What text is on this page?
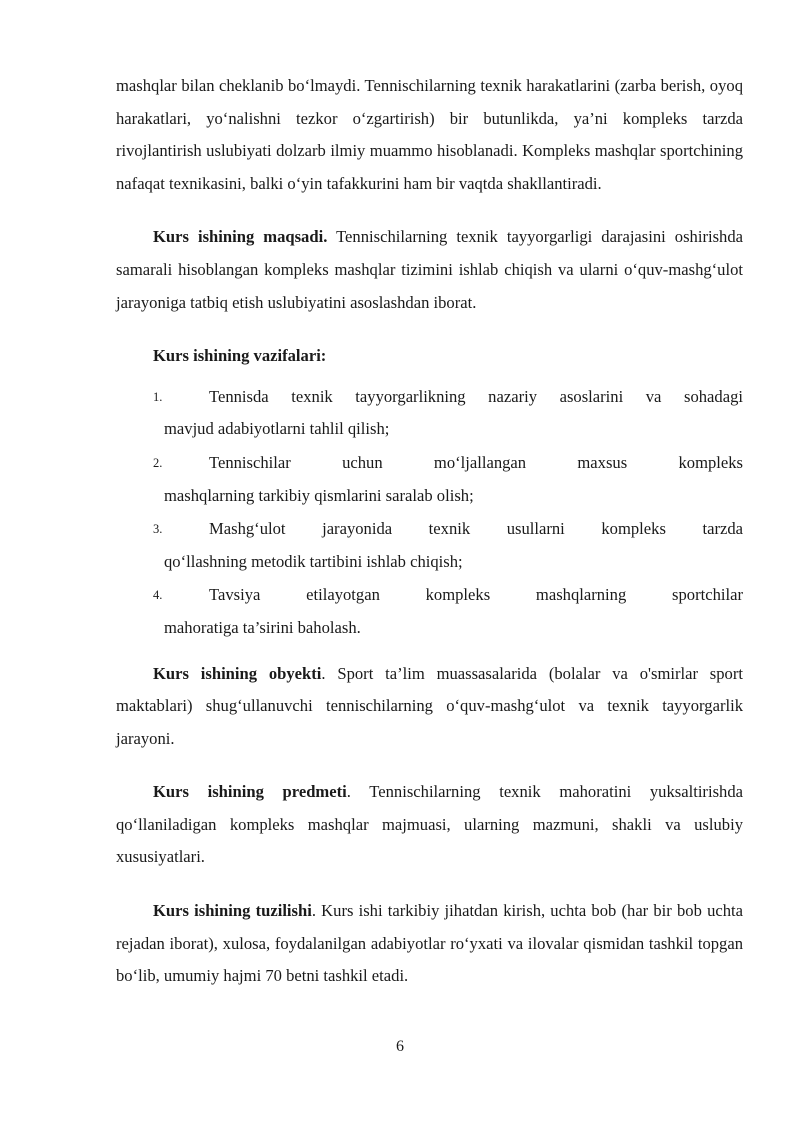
mashqlar bilan cheklanib bo‘lmaydi. Tennischilarning texnik harakatlarini (zarba berish, oyoq harakatlari, yo‘nalishni tezkor o‘zgartirish) bir butunlikda, ya’ni kompleks tarzda rivojlantirish uslubiyati dolzarb ilmiy muammo hisoblanadi. Kompleks mashqlar sportchining nafaqat texnikasini, balki o‘yin tafakkurini ham bir vaqtda shakllantiradi.

Kurs ishining maqsadi. Tennischilarning texnik tayyorgarligi darajasini oshirishda samarali hisoblangan kompleks mashqlar tizimini ishlab chiqish va ularni o‘quv-mashg‘ulot jarayoniga tatbiq etish uslubiyatini asoslashdan iborat.

Kurs ishining vazifalari:

1.	Tennisda texnik tayyorgarlikning nazariy asoslarini va sohadagi
mavjud adabiyotlarni tahlil qilish;
2.	Tennischilar uchun mo‘ljallangan maxsus kompleks
mashqlarning tarkibiy qismlarini saralab olish;
3.	Mashg‘ulot jarayonida texnik usullarni kompleks tarzda
qo‘llashning metodik tartibini ishlab chiqish;
4.	Tavsiya etilayotgan kompleks mashqlarning sportchilar
mahoratiga ta’sirini baholash.

Kurs ishining obyekti. Sport ta’lim muassasalarida (bolalar va o'smirlar sport maktablari) shug‘ullanuvchi tennischilarning o‘quv-mashg‘ulot va texnik tayyorgarlik jarayoni.

Kurs ishining predmeti. Tennischilarning texnik mahoratini yuksaltirishda qo‘llaniladigan kompleks mashqlar majmuasi, ularning mazmuni, shakli va uslubiy xususiyatlari.

Kurs ishining tuzilishi. Kurs ishi tarkibiy jihatdan kirish, uchta bob (har bir bob uchta rejadan iborat), xulosa, foydalanilgan adabiyotlar ro‘yxati va ilovalar qismidan tashkil topgan bo‘lib, umumiy hajmi 70 betni tashkil etadi.

6
